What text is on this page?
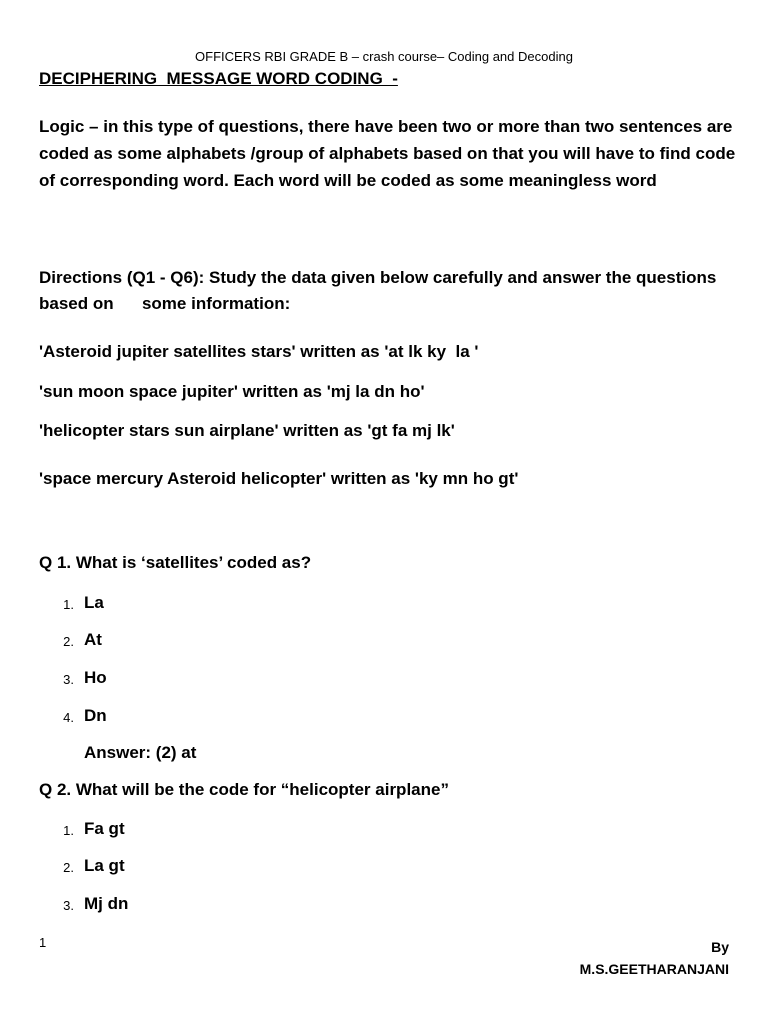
OFFICERS RBI GRADE B – crash course– Coding and Decoding
DECIPHERING  MESSAGE WORD CODING  -
Logic – in this type of questions, there have been two or more than two sentences are coded as some alphabets /group of alphabets based on that you will have to find code of corresponding word. Each word will be coded as some meaningless word
Directions (Q1 - Q6): Study the data given below carefully and answer the questions based on      some information:
'Asteroid jupiter satellites stars' written as 'at lk ky  la '
'sun moon space jupiter' written as 'mj la dn ho'
'helicopter stars sun airplane' written as 'gt fa mj lk'
'space mercury Asteroid helicopter' written as 'ky mn ho gt'
Q 1. What is ‘satellites’ coded as?
1. La
2. At
3. Ho
4. Dn
Answer: (2) at
Q 2. What will be the code for “helicopter airplane”
1. Fa gt
2. La gt
3. Mj dn
1	By
M.S.GEETHARANJANI
